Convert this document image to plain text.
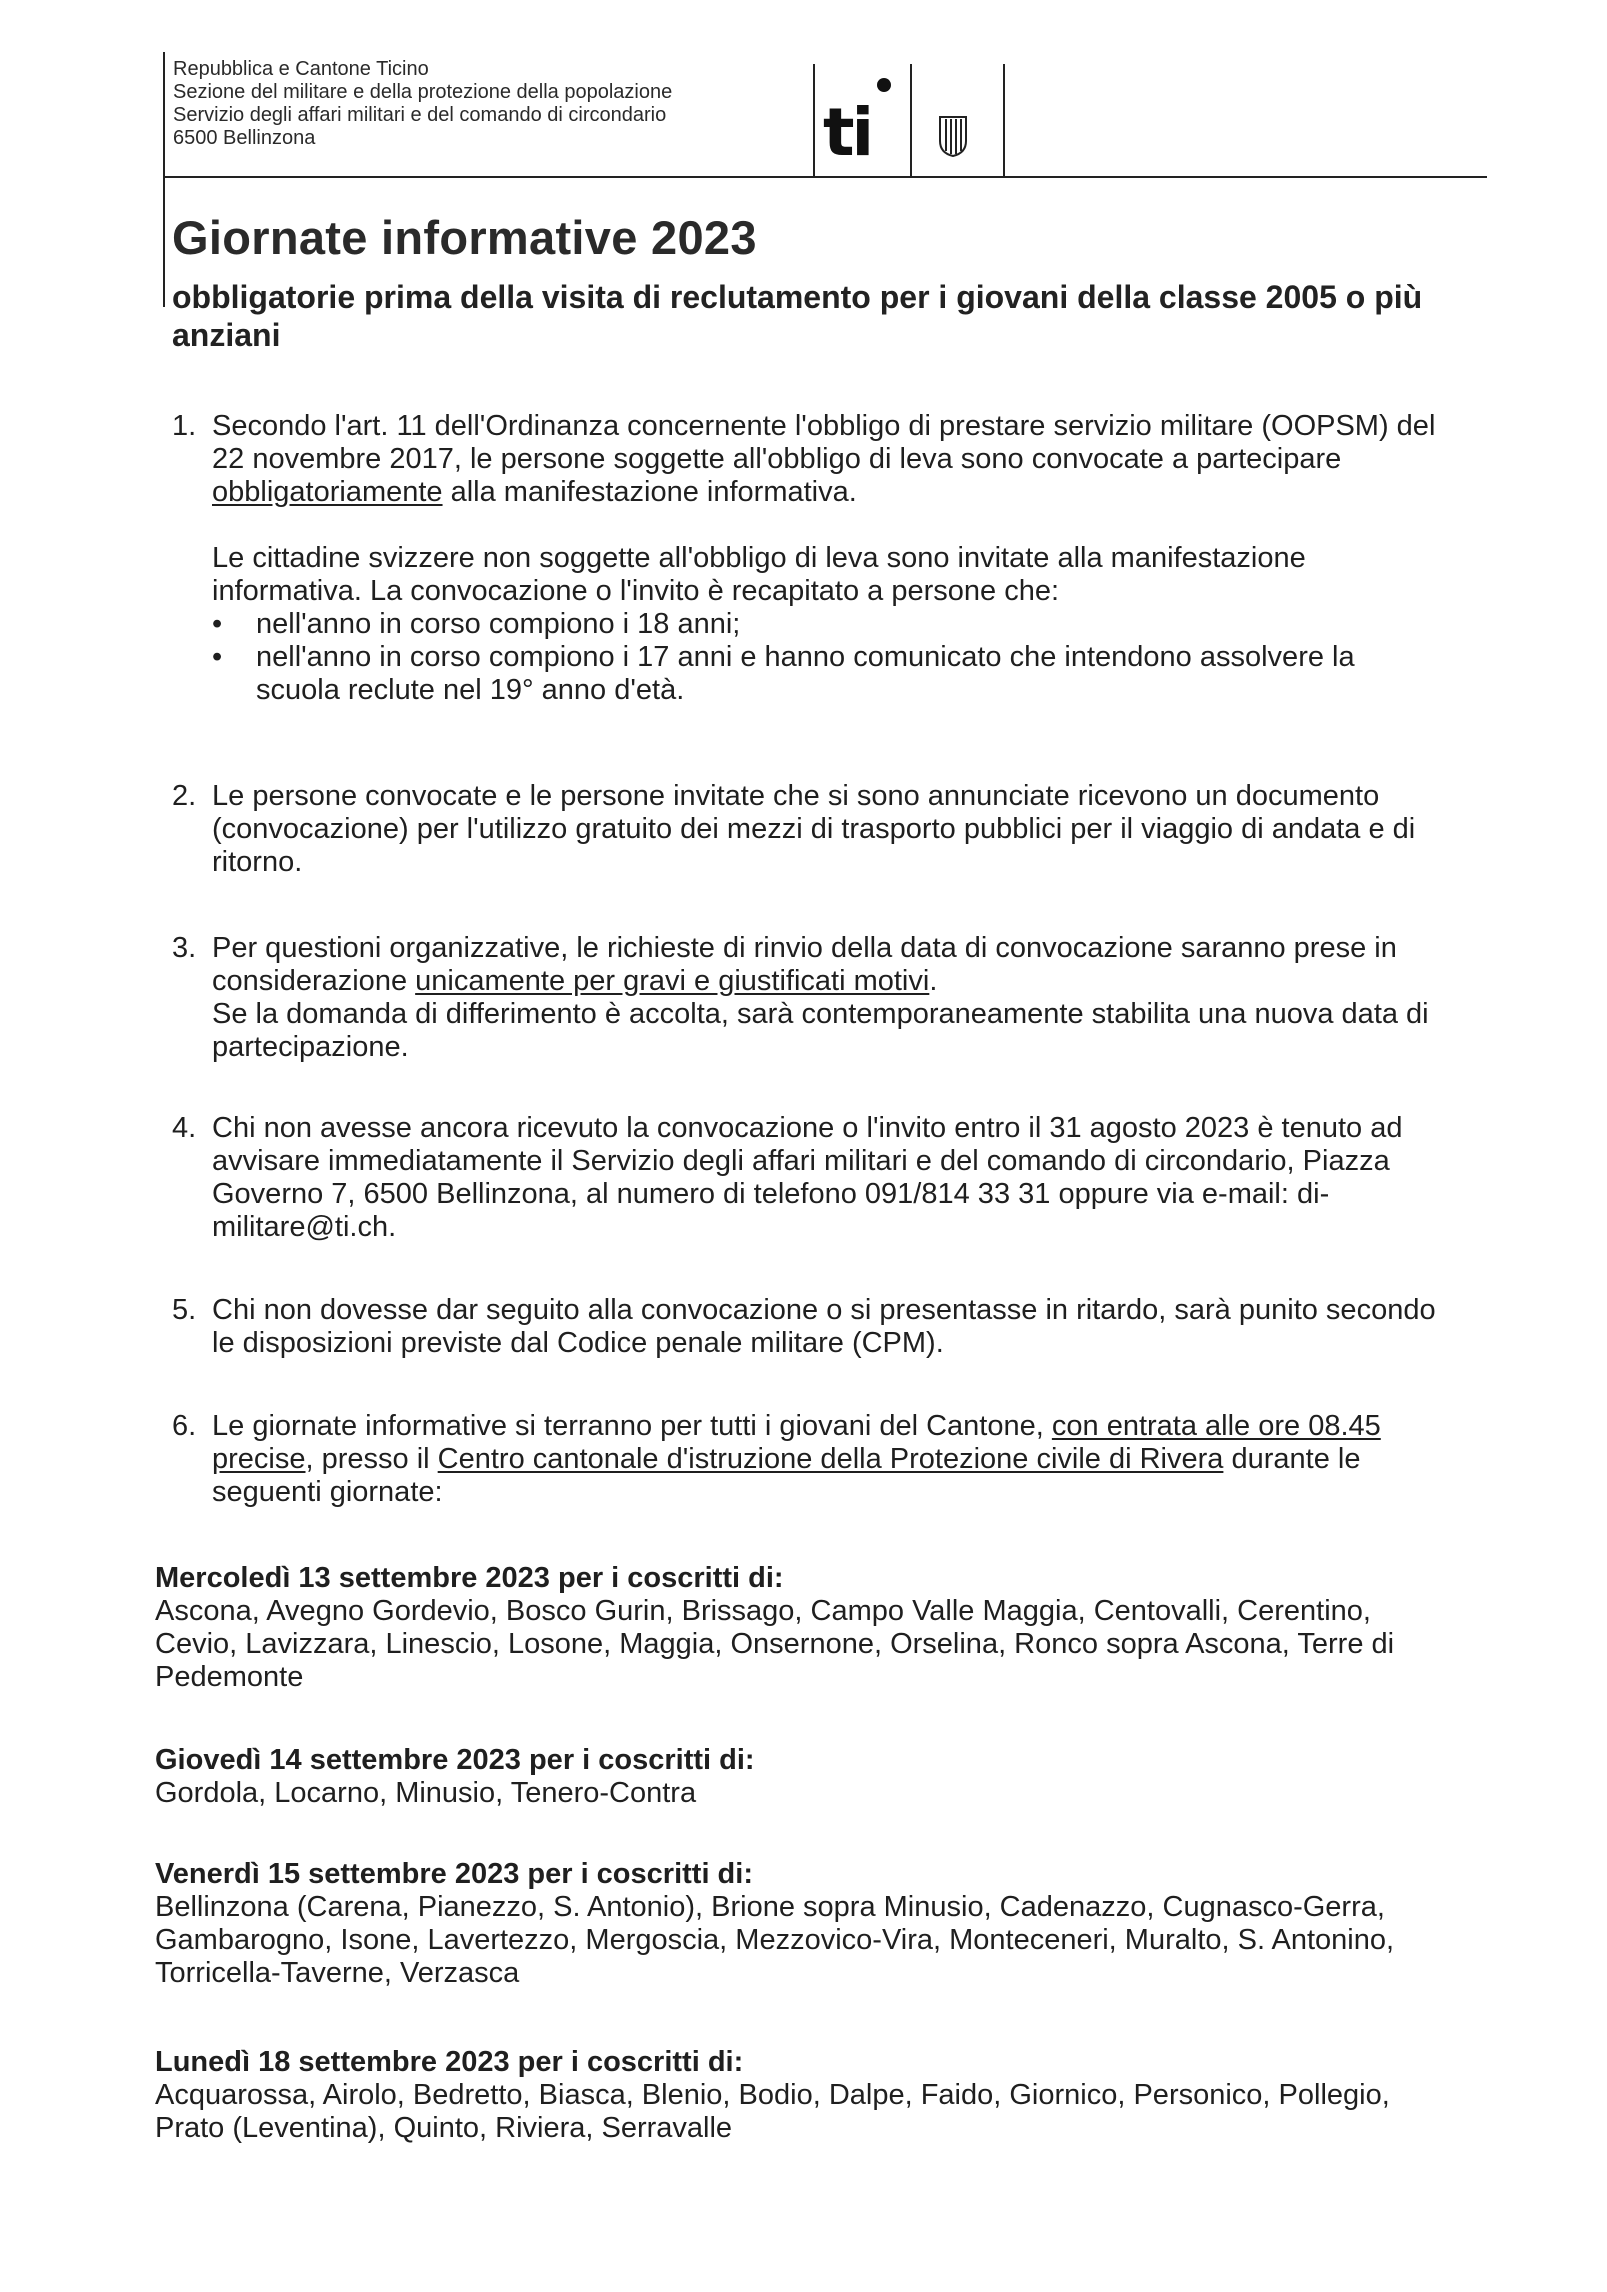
Repubblica e Cantone Ticino
Sezione del militare e della protezione della popolazione
Servizio degli affari militari e del comando di circondario
6500 Bellinzona	ti
Giornate informative 2023
obbligatorie prima della visita di reclutamento per i giovani della classe 2005 o più anziani
1. Secondo l'art. 11 dell'Ordinanza concernente l'obbligo di prestare servizio militare (OOPSM) del 22 novembre 2017, le persone soggette all'obbligo di leva sono convocate a partecipare obbligatoriamente alla manifestazione informativa.

Le cittadine svizzere non soggette all'obbligo di leva sono invitate alla manifestazione informativa. La convocazione o l'invito è recapitato a persone che:

• nell'anno in corso compiono i 18 anni;
• nell'anno in corso compiono i 17 anni e hanno comunicato che intendono assolvere la scuola reclute nel 19° anno d'età.
2. Le persone convocate e le persone invitate che si sono annunciate ricevono un documento (convocazione) per l'utilizzo gratuito dei mezzi di trasporto pubblici per il viaggio di andata e di ritorno.

3. Per questioni organizzative, le richieste di rinvio della data di convocazione saranno prese in considerazione unicamente per gravi e giustificati motivi.

Se la domanda di differimento è accolta, sarà contemporaneamente stabilita una nuova data di partecipazione.

4. Chi non avesse ancora ricevuto la convocazione o l'invito entro il 31 agosto 2023 è tenuto ad avvisare immediatamente il Servizio degli affari militari e del comando di circondario, Piazza Governo 7, 6500 Bellinzona, al numero di telefono 091/814 33 31 oppure via e-mail: di-militare@ti.ch.

5. Chi non dovesse dar seguito alla convocazione o si presentasse in ritardo, sarà punito secondo le disposizioni previste dal Codice penale militare (CPM).

6. Le giornate informative si terranno per tutti i giovani del Cantone, con entrata alle ore 08.45 precise, presso il Centro cantonale d'istruzione della Protezione civile di Rivera durante le seguenti giornate:

Mercoledì 13 settembre 2023 per i coscritti di:
Ascona, Avegno Gordevio, Bosco Gurin, Brissago, Campo Valle Maggia, Centovalli, Cerentino, Cevio, Lavizzara, Linescio, Losone, Maggia, Onsernone, Orselina, Ronco sopra Ascona, Terre di Pedemonte
Giovedì 14 settembre 2023 per i coscritti di:
Gordola, Locarno, Minusio, Tenero-Contra
Venerdì 15 settembre 2023 per i coscritti di:
Bellinzona (Carena, Pianezzo, S. Antonio), Brione sopra Minusio, Cadenazzo, Cugnasco-Gerra, Gambarogno, Isone, Lavertezzo, Mergoscia, Mezzovico-Vira, Monteceneri, Muralto, S. Antonino, Torricella-Taverne, Verzasca
Lunedì 18 settembre 2023 per i coscritti di:
Acquarossa, Airolo, Bedretto, Biasca, Blenio, Bodio, Dalpe, Faido, Giornico, Personico, Pollegio, Prato (Leventina), Quinto, Riviera, Serravalle
